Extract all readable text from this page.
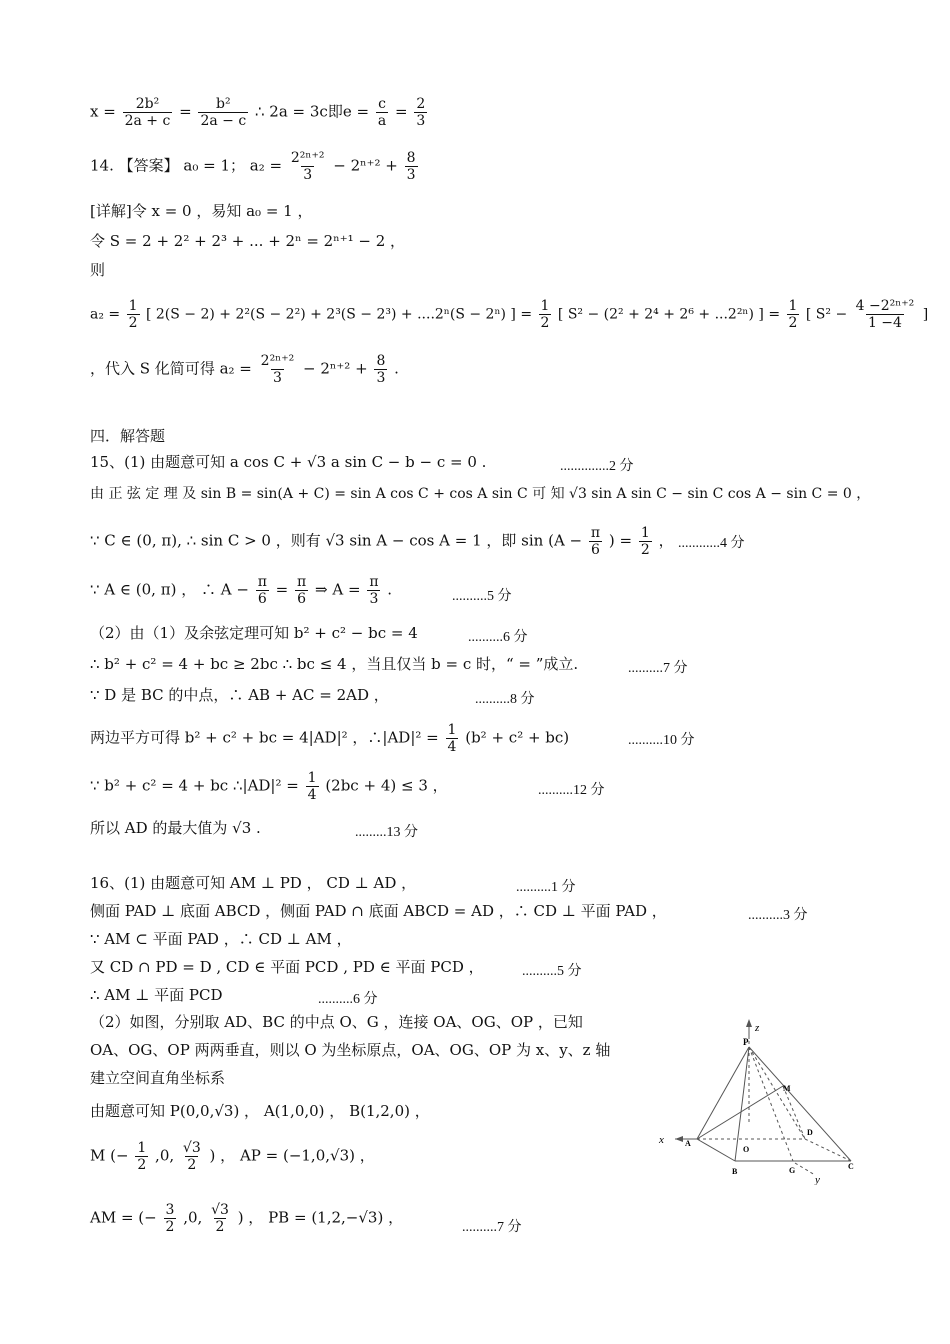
$x = \frac{\text{2b²}}{2a + c} = \frac{\text{b²}}{2a - c}$ ∴ 2a = 3c即$e = \frac{c}{a} = \frac{2}{3}$
14. 【答案】 a₀ = 1； $a_2 = \frac{\text{2²ⁿ⁺²}}{3} - 2^{n+2} + \frac{8}{3}$
[详解]令 x = 0 ，易知 a₀ = 1 ，
令 S = 2 + 2² + 2³ + ... + 2ⁿ = 2ⁿ⁺¹ − 2 ，
则
$a_2 = \frac{1}{2}$ [ 2(S − 2) + 2²(S − 2²) + 2³(S − 2³) + ....2ⁿ(S − 2ⁿ) ] = $\frac{1}{2}$ [ S² − (2² + 2⁴ + 2⁶ + ...2²ⁿ) ] = $\frac{1}{2}$ [ $S^2 - \frac{\text{4 −2²ⁿ⁺²}}{1 -4}$ ]
，代入 S 化简可得 $a_2 = \frac{\text{2²ⁿ⁺²}}{3} - 2^{n+2} + \frac{8}{3}$ .
四．解答题
15、(1) 由题意可知 a cos C + √3 a sin C − b − c = 0 .	..............2 分
由 正 弦 定 理 及 sin B = sin(A + C) = sin A cos C + cos A sin C 可 知 √3 sin A sin C − sin C cos A − sin C = 0 ，
∵ C ∈ (0, π), ∴ sin C > 0 ，则有 √3 sin A − cos A = 1 ，即 $\sin (A - \frac{\pi}{6}$ ) = $\frac{1}{2}$ ， ............4 分
∵ A ∈ (0, π) ， ∴ $A - \frac{\pi}{6} = \frac{\pi}{6}$ ⇒ $A = \frac{\pi}{3}$ .	..........5 分
（2）由（1）及余弦定理可知 b² + c² − bc = 4	..........6 分
∴ b² + c² = 4 + bc ≥ 2bc ∴ bc ≤ 4 ，当且仅当 b = c 时，“ = ”成立.	..........7 分
∵ D 是 BC 的中点，∴ AB + AC = 2AD ，	..........8 分
两边平方可得 b² + c² + bc = 4|AD|² ，∴|AD|² = $\frac{1}{4} (b^2 + c^2 + bc)$	..........10 分
∵ b² + c² = 4 + bc ∴|AD|² = $\frac{1}{4} (2bc + 4) \le 3$ ，	..........12 分
所以 AD 的最大值为 √3 .	.........13 分
16、(1) 由题意可知 AM ⊥ PD ， CD ⊥ AD ，	..........1 分
侧面 PAD ⊥ 底面 ABCD ，侧面 PAD ∩ 底面 ABCD = AD ，∴ CD ⊥ 平面 PAD ，	..........3 分
∵ AM ⊂ 平面 PAD ，∴ CD ⊥ AM ，
又 CD ∩ PD = D , CD ∈ 平面 PCD , PD ∈ 平面 PCD ，	..........5 分
∴ AM ⊥ 平面 PCD	..........6 分
（2）如图，分别取 AD、BC 的中点 O、G ，连接 OA、OG、OP ，已知
OA、OG、OP 两两垂直，则以 O 为坐标原点，OA、OG、OP 为 x、y、z 轴
建立空间直角坐标系
由题意可知 P(0,0,√3) ， A(1,0,0) ， B(1,2,0) ，
M (− $\frac{1}{2} ,0$, $\frac{√3}{2}$ ) ， AP = (−1,0,√3) ，
AM = (− $\frac{3}{2} ,0$, $\frac{√3}{2}$ ) ， PB = (1,2,−√3) ，
..........7 分
z
P
M
D
x	A
O
B	G	C
y
